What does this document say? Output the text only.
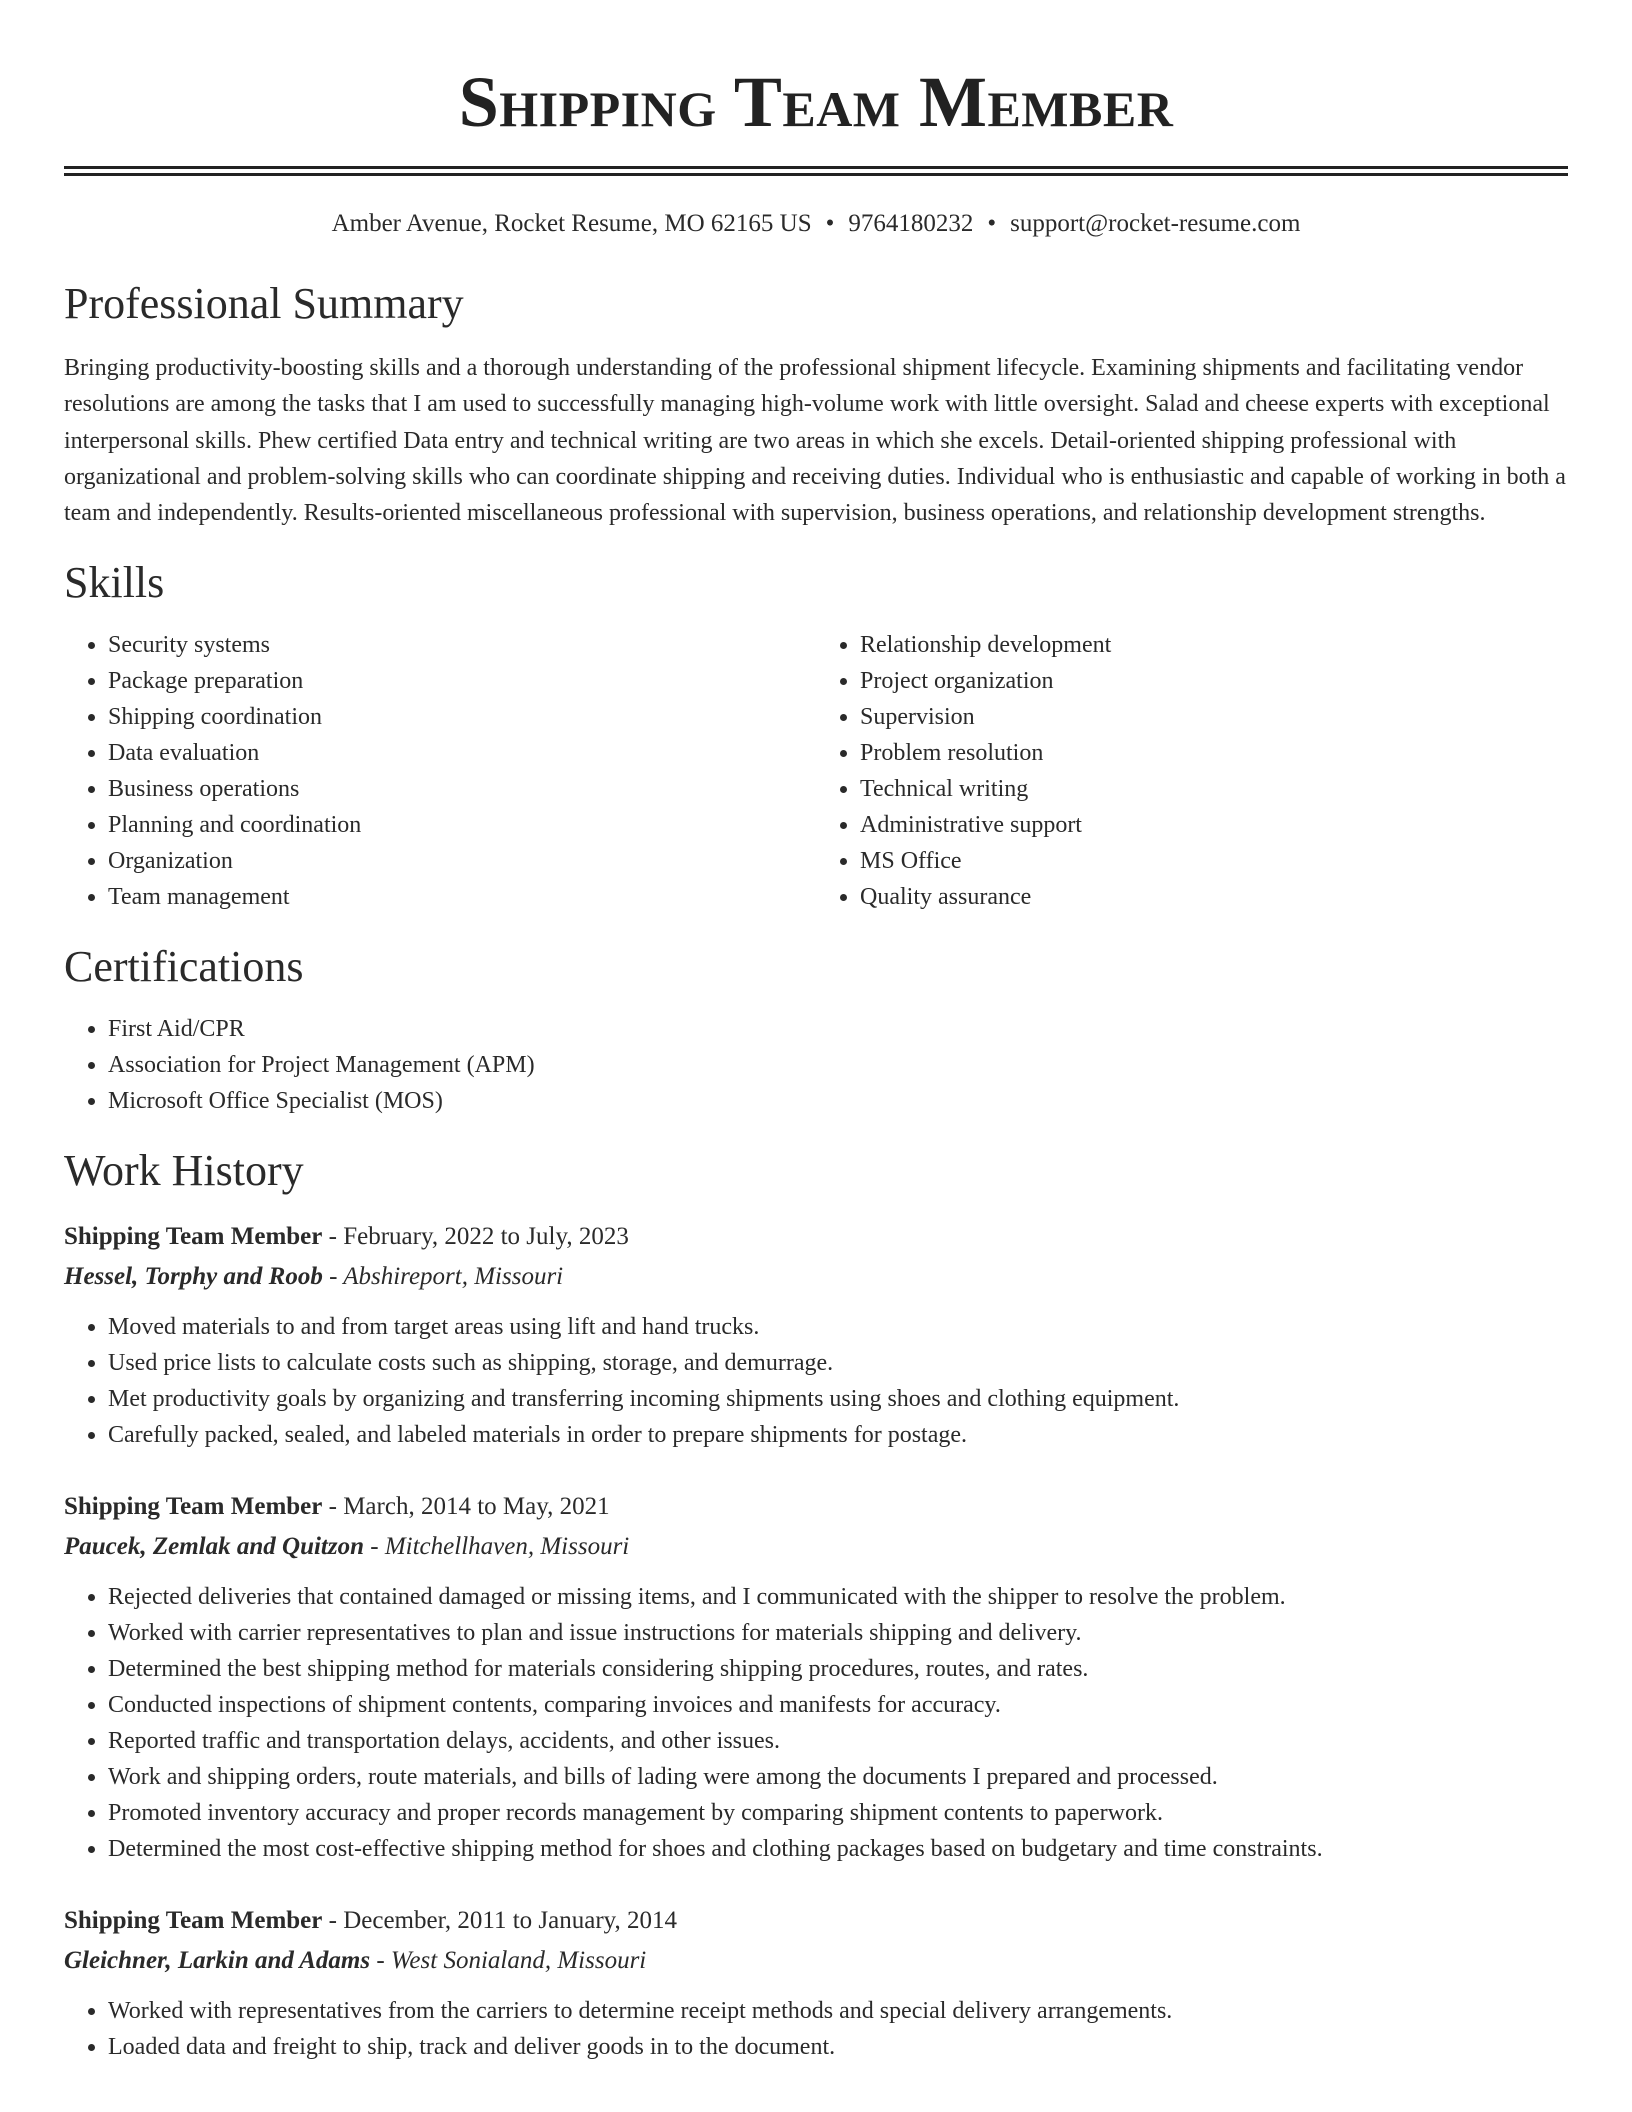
Shipping Team Member
Amber Avenue, Rocket Resume, MO 62165 US • 9764180232 • support@rocket-resume.com
Professional Summary
Bringing productivity-boosting skills and a thorough understanding of the professional shipment lifecycle. Examining shipments and facilitating vendor resolutions are among the tasks that I am used to successfully managing high-volume work with little oversight. Salad and cheese experts with exceptional interpersonal skills. Phew certified Data entry and technical writing are two areas in which she excels. Detail-oriented shipping professional with organizational and problem-solving skills who can coordinate shipping and receiving duties. Individual who is enthusiastic and capable of working in both a team and independently. Results-oriented miscellaneous professional with supervision, business operations, and relationship development strengths.
Skills
• Security systems
• Package preparation
• Shipping coordination
• Data evaluation
• Business operations
• Planning and coordination
• Organization
• Team management
• Relationship development
• Project organization
• Supervision
• Problem resolution
• Technical writing
• Administrative support
• MS Office
• Quality assurance
Certifications
• First Aid/CPR
• Association for Project Management (APM)
• Microsoft Office Specialist (MOS)
Work History
Shipping Team Member - February, 2022 to July, 2023
Hessel, Torphy and Roob - Abshireport, Missouri
• Moved materials to and from target areas using lift and hand trucks.
• Used price lists to calculate costs such as shipping, storage, and demurrage.
• Met productivity goals by organizing and transferring incoming shipments using shoes and clothing equipment.
• Carefully packed, sealed, and labeled materials in order to prepare shipments for postage.
Shipping Team Member - March, 2014 to May, 2021
Paucek, Zemlak and Quitzon - Mitchellhaven, Missouri
• Rejected deliveries that contained damaged or missing items, and I communicated with the shipper to resolve the problem.
• Worked with carrier representatives to plan and issue instructions for materials shipping and delivery.
• Determined the best shipping method for materials considering shipping procedures, routes, and rates.
• Conducted inspections of shipment contents, comparing invoices and manifests for accuracy.
• Reported traffic and transportation delays, accidents, and other issues.
• Work and shipping orders, route materials, and bills of lading were among the documents I prepared and processed.
• Promoted inventory accuracy and proper records management by comparing shipment contents to paperwork.
• Determined the most cost-effective shipping method for shoes and clothing packages based on budgetary and time constraints.
Shipping Team Member - December, 2011 to January, 2014
Gleichner, Larkin and Adams - West Sonialand, Missouri
• Worked with representatives from the carriers to determine receipt methods and special delivery arrangements.
• Loaded data and freight to ship, track and deliver goods in to the document.
